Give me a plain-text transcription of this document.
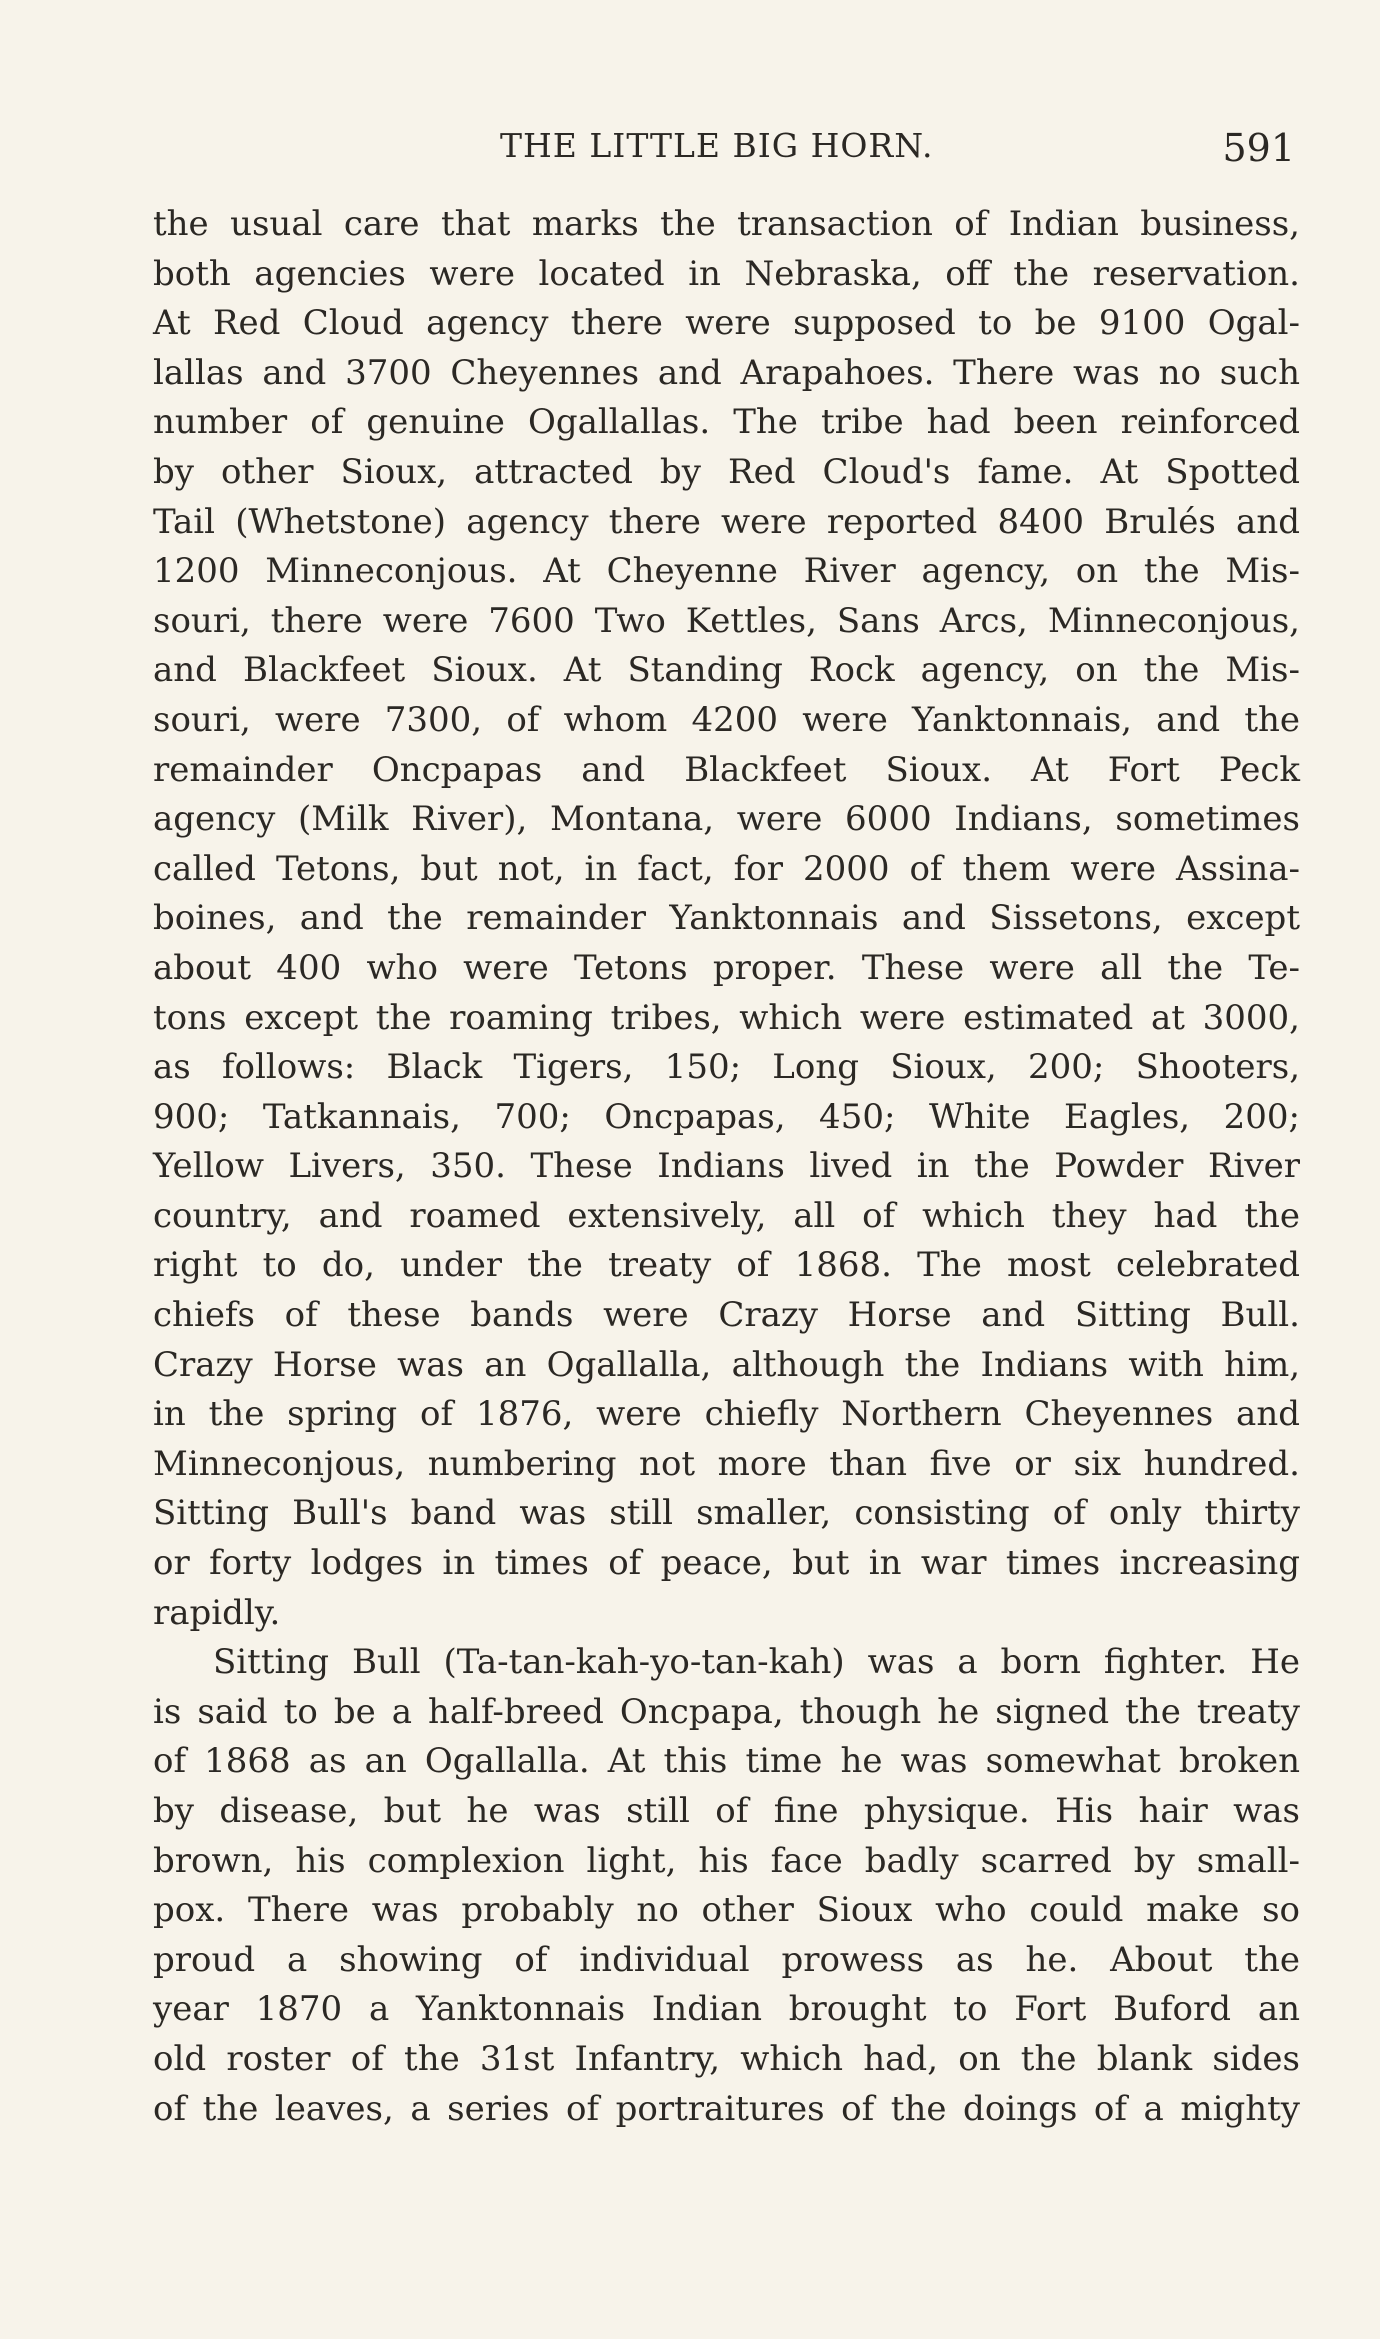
THE LITTLE BIG HORN.	591
the usual care that marks the transaction of Indian business,
both agencies were located in Nebraska, off the reservation.
At Red Cloud agency there were supposed to be 9100 Ogal-
lallas and 3700 Cheyennes and Arapahoes. There was no such
number of genuine Ogallallas. The tribe had been reinforced
by other Sioux, attracted by Red Cloud's fame. At Spotted
Tail (Whetstone) agency there were reported 8400 Brulés and
1200 Minneconjous. At Cheyenne River agency, on the Mis-
souri, there were 7600 Two Kettles, Sans Arcs, Minneconjous,
and Blackfeet Sioux. At Standing Rock agency, on the Mis-
souri, were 7300, of whom 4200 were Yanktonnais, and the
remainder Oncpapas and Blackfeet Sioux. At Fort Peck
agency (Milk River), Montana, were 6000 Indians, sometimes
called Tetons, but not, in fact, for 2000 of them were Assina-
boines, and the remainder Yanktonnais and Sissetons, except
about 400 who were Tetons proper. These were all the Te-
tons except the roaming tribes, which were estimated at 3000,
as follows: Black Tigers, 150; Long Sioux, 200; Shooters,
900; Tatkannais, 700; Oncpapas, 450; White Eagles, 200;
Yellow Livers, 350. These Indians lived in the Powder River
country, and roamed extensively, all of which they had the
right to do, under the treaty of 1868. The most celebrated
chiefs of these bands were Crazy Horse and Sitting Bull.
Crazy Horse was an Ogallalla, although the Indians with him,
in the spring of 1876, were chiefly Northern Cheyennes and
Minneconjous, numbering not more than five or six hundred.
Sitting Bull's band was still smaller, consisting of only thirty
or forty lodges in times of peace, but in war times increasing
rapidly.
Sitting Bull (Ta-tan-kah-yo-tan-kah) was a born fighter. He
is said to be a half-breed Oncpapa, though he signed the treaty
of 1868 as an Ogallalla. At this time he was somewhat broken
by disease, but he was still of fine physique. His hair was
brown, his complexion light, his face badly scarred by small-
pox. There was probably no other Sioux who could make so
proud a showing of individual prowess as he. About the
year 1870 a Yanktonnais Indian brought to Fort Buford an
old roster of the 31st Infantry, which had, on the blank sides
of the leaves, a series of portraitures of the doings of a mighty
